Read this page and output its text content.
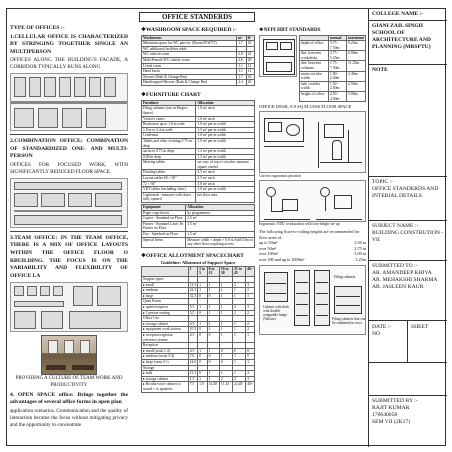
OFFICE STANDERDS
TYPE OF OFFICES :-
1.CELLULAR OFFICE IS CHARACTERIZED BY STRINGING TOGETHER SINGLE AN MULTIPERSON
OFFICES ALONG THE BUILDING'S FACADE, A CORRIDOR TYPICALLY RUNS ALONG
2.COMBINATION OFFICE: COMBINATION OF STANDARDIZED ONE- AND MULTI-PERSON
OFFICES FOR FOCUSED WORK, WITH SIGNIFICANTLY REDUCED FLOOR SPACE.
3.TEAM OFFICE: IN THE TEAM OFFICE, THERE IS A MIX OF OFFICE LAYOUTS WITHIN THE OFFICE FLOOR O RBUILDING. THE FOCUS IS ON THE VARIABILITY AND FLEXIBILITY OF OFFICE LA
PROVIDING A CULTURE OF TEAM WORK AND PRODUCTIVITY
4. OPEN SPACE office: Brings together the advantages of several office forms in open plan
application scenarios. Communication and the quality of interaction became the focus without mitigating privacy and the opportunity to concentrate
❖WASHROOM SPACE REQUIRED :-
Washrooms	m²	ft²
Minimum space for WC pan etc. (Room PLWTT)	1.7	18
WC additional facilities adult		
WC cubicle room	2.0	22
Male/Female WC cubicle room	2.6	28
Urinal room	1.1	12
Hand basin	1.1	12
Shower (Bath & Change Rm)	1.7	18
Handicapped Shower (Bath & Change Rm)	2.4	26
❖FURNITURE CHART
Furniture	Allocation
Filing cabinets (run in Pargter Space)	1.0 m² each
Visitor's chairs	1.0 m² each
Bookcases up to 1.8 m wide	1.0 m² per m width
1.8 m to 2.4 m wide	1.5 m² per m width
Credenzas	1.0 m² per m width
Tables and other working 0.75 m deep	1.0 m² per m width
surfaces 0.75 m deep	1.2 m² per m width
0.90 m deep	1.5 m² per m width
Meeting tables	set vary of top of circular; measure square cm/m2
Drafting tables	2.5 m² each
Layout tables 60 × 30"	2.5 m² each
72 × 36"	3.0 m² each
VDT tables (including chair)	1.0 m² per m width
Cupboards - measure with doors fully opened	net floor area
Equipment	Allocation
Paper copy boxes	by programmer
Copier - Standard on Floor	2.5 m²
Printer - Standard Laser Jet Printer on Floor	1.5 m²
Fax - Standard on Floor	1.5 m²
Special Items	Measure width × depth + 0.8 m Add 0.5m to any other floor requiring access
❖OFFICE ALLOTMENT SPACECHART
Guideline: Allotment of Support Space
	1	1 to 5	6 to 15	16 to 30	31 to 45	46+
Support types						
▸ small	13.5	1	1	1	2	3
▸ medium	22.5	1	1	1	1	2
▸ large	32.5	0	0	1	1	1
Quiet Room						
▸ quiet/reception	5.5	1	1	1	2	3
▸ 1 person seating	5.5	0	1	1	2	2
Office Use						
▸ storage cabinet	4.5	1	1	1	1	2
▸ equipment work station	10.5	0	1	1	1	2
▸ reception registrar reference station	4.5	0	0	1	1	1
Reception						
▸ small (seats 1-2)	4.5	1	1	0	0	0
▸ medium (seats 3-4)	7.0	0	0	1	1	0
▸ large (seats 5+)	14.0	0	0	0	1	1
Storage						
▸ bulk	13.5	0	1	1	1	2
▸ storage cabinet	1.5	1	1	2	2	3
▸ Booths/voice cabinet w. sound + or speakers	7.5	1.8	14.48	11.43	22.48	40+
❖NFPI HBT STANDARDS
	normal	maximum
depth of office	3.75 - 7.50m	9.25m
dist. between workdesks	3.75 - 5.25m	6.00m
dist. between columns	1.75 - 7.50m	11.25m
main corridor width	1.80 - 2.40m	2.40m
side corridor width	1.50 - 2.50m	2.50m
height of office	2.50 - 4.00m	5.00m
OFFICE DESK, 8.9 SQ M LESS FLOOR SPACE
Correct ergonomic position
Ergonomic VDU workstation with foot-height set-up
The following floor-to-ceiling heights are recommended for floor areas of:
up to 50m²	2.50 m
over 50m²	2.75 m
over 100m²	3.00 m
over 200 and up to 2000m²	3.25m
Cabinet with desk with double wrappable hinge (Nelson)
Filing cabinets
Filing cabinets that can be combined in rows
COLLEGE NAME :-
GIANI ZAIL SINGH SCHOOL OF ARCHITECTURE AND PLANNING (MRSPTU)
NOTE
TOPIC :-
OFFICE STANDERDS AND INTERIAL DETAILS
SUBJECT NAME :-
BUILDING CONSTRUTION -VII
SUBMITTED TO :-
AR. AMANDEEP KHIVA
AR. MEHAKSHI SHARMA
AR. JASLEEN KAUR
DATE :-
NO
SHEET
SUBMITTED BY :-
RAJIT KUMAR
170640058
SEM VII (2K17)
